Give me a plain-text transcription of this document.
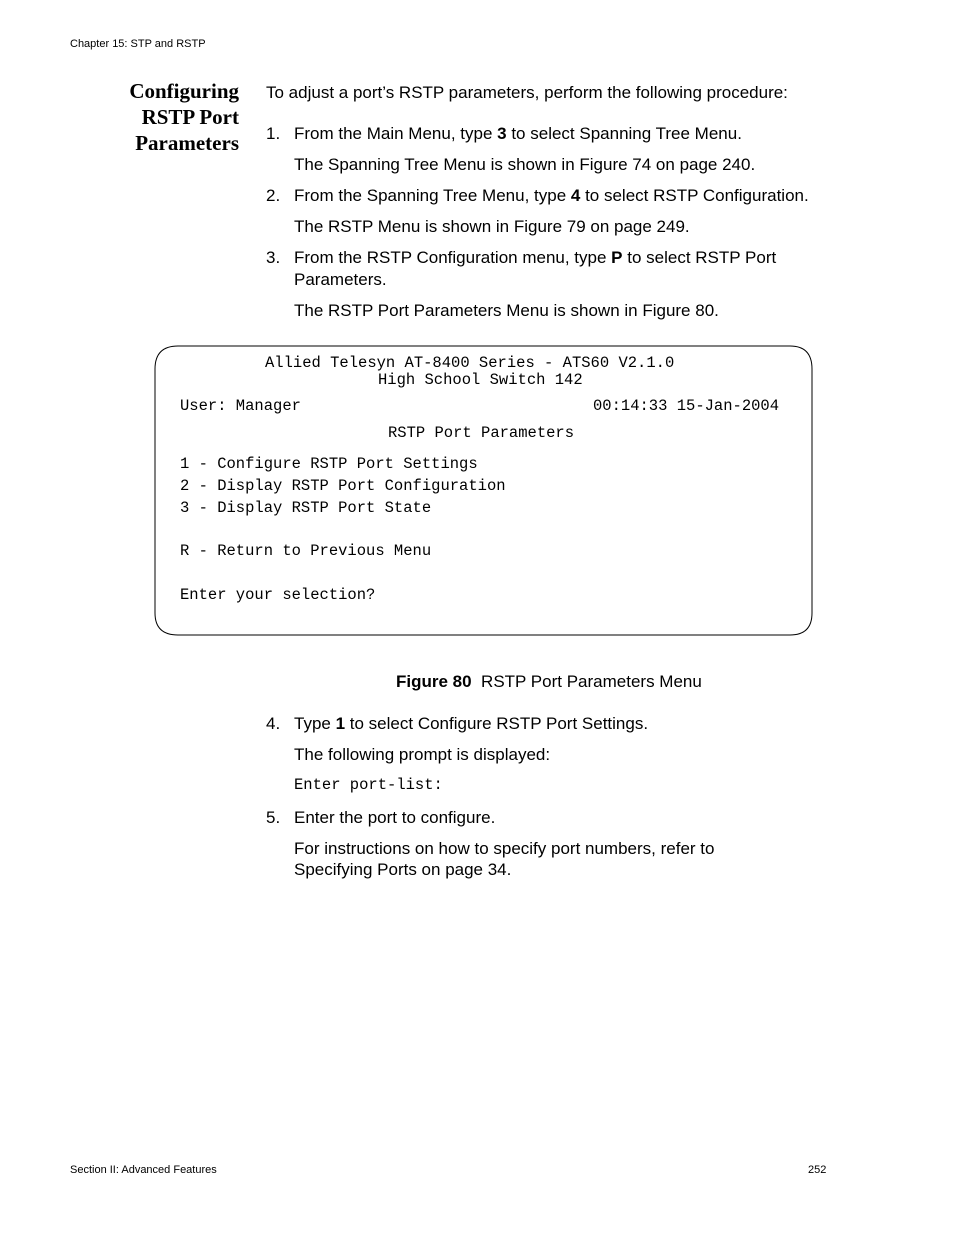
Chapter 15: STP and RSTP
Configuring
RSTP Port
Parameters
To adjust a port’s RSTP parameters, perform the following procedure:
1. From the Main Menu, type 3 to select Spanning Tree Menu.
The Spanning Tree Menu is shown in Figure 74 on page 240.
2. From the Spanning Tree Menu, type 4 to select RSTP Configuration.
The RSTP Menu is shown in Figure 79 on page 249.
3. From the RSTP Configuration menu, type P to select RSTP Port
Parameters.
The RSTP Port Parameters Menu is shown in Figure 80.
Allied Telesyn AT-8400 Series - ATS60 V2.1.0
High School Switch 142
User: Manager	00:14:33 15-Jan-2004
RSTP Port Parameters
1 - Configure RSTP Port Settings
2 - Display RSTP Port Configuration
3 - Display RSTP Port State
R - Return to Previous Menu
Enter your selection?
Figure 80 RSTP Port Parameters Menu
4. Type 1 to select Configure RSTP Port Settings.
The following prompt is displayed:
Enter port-list:
5. Enter the port to configure.
For instructions on how to specify port numbers, refer to
Specifying Ports on page 34.
Section II: Advanced Features	252
